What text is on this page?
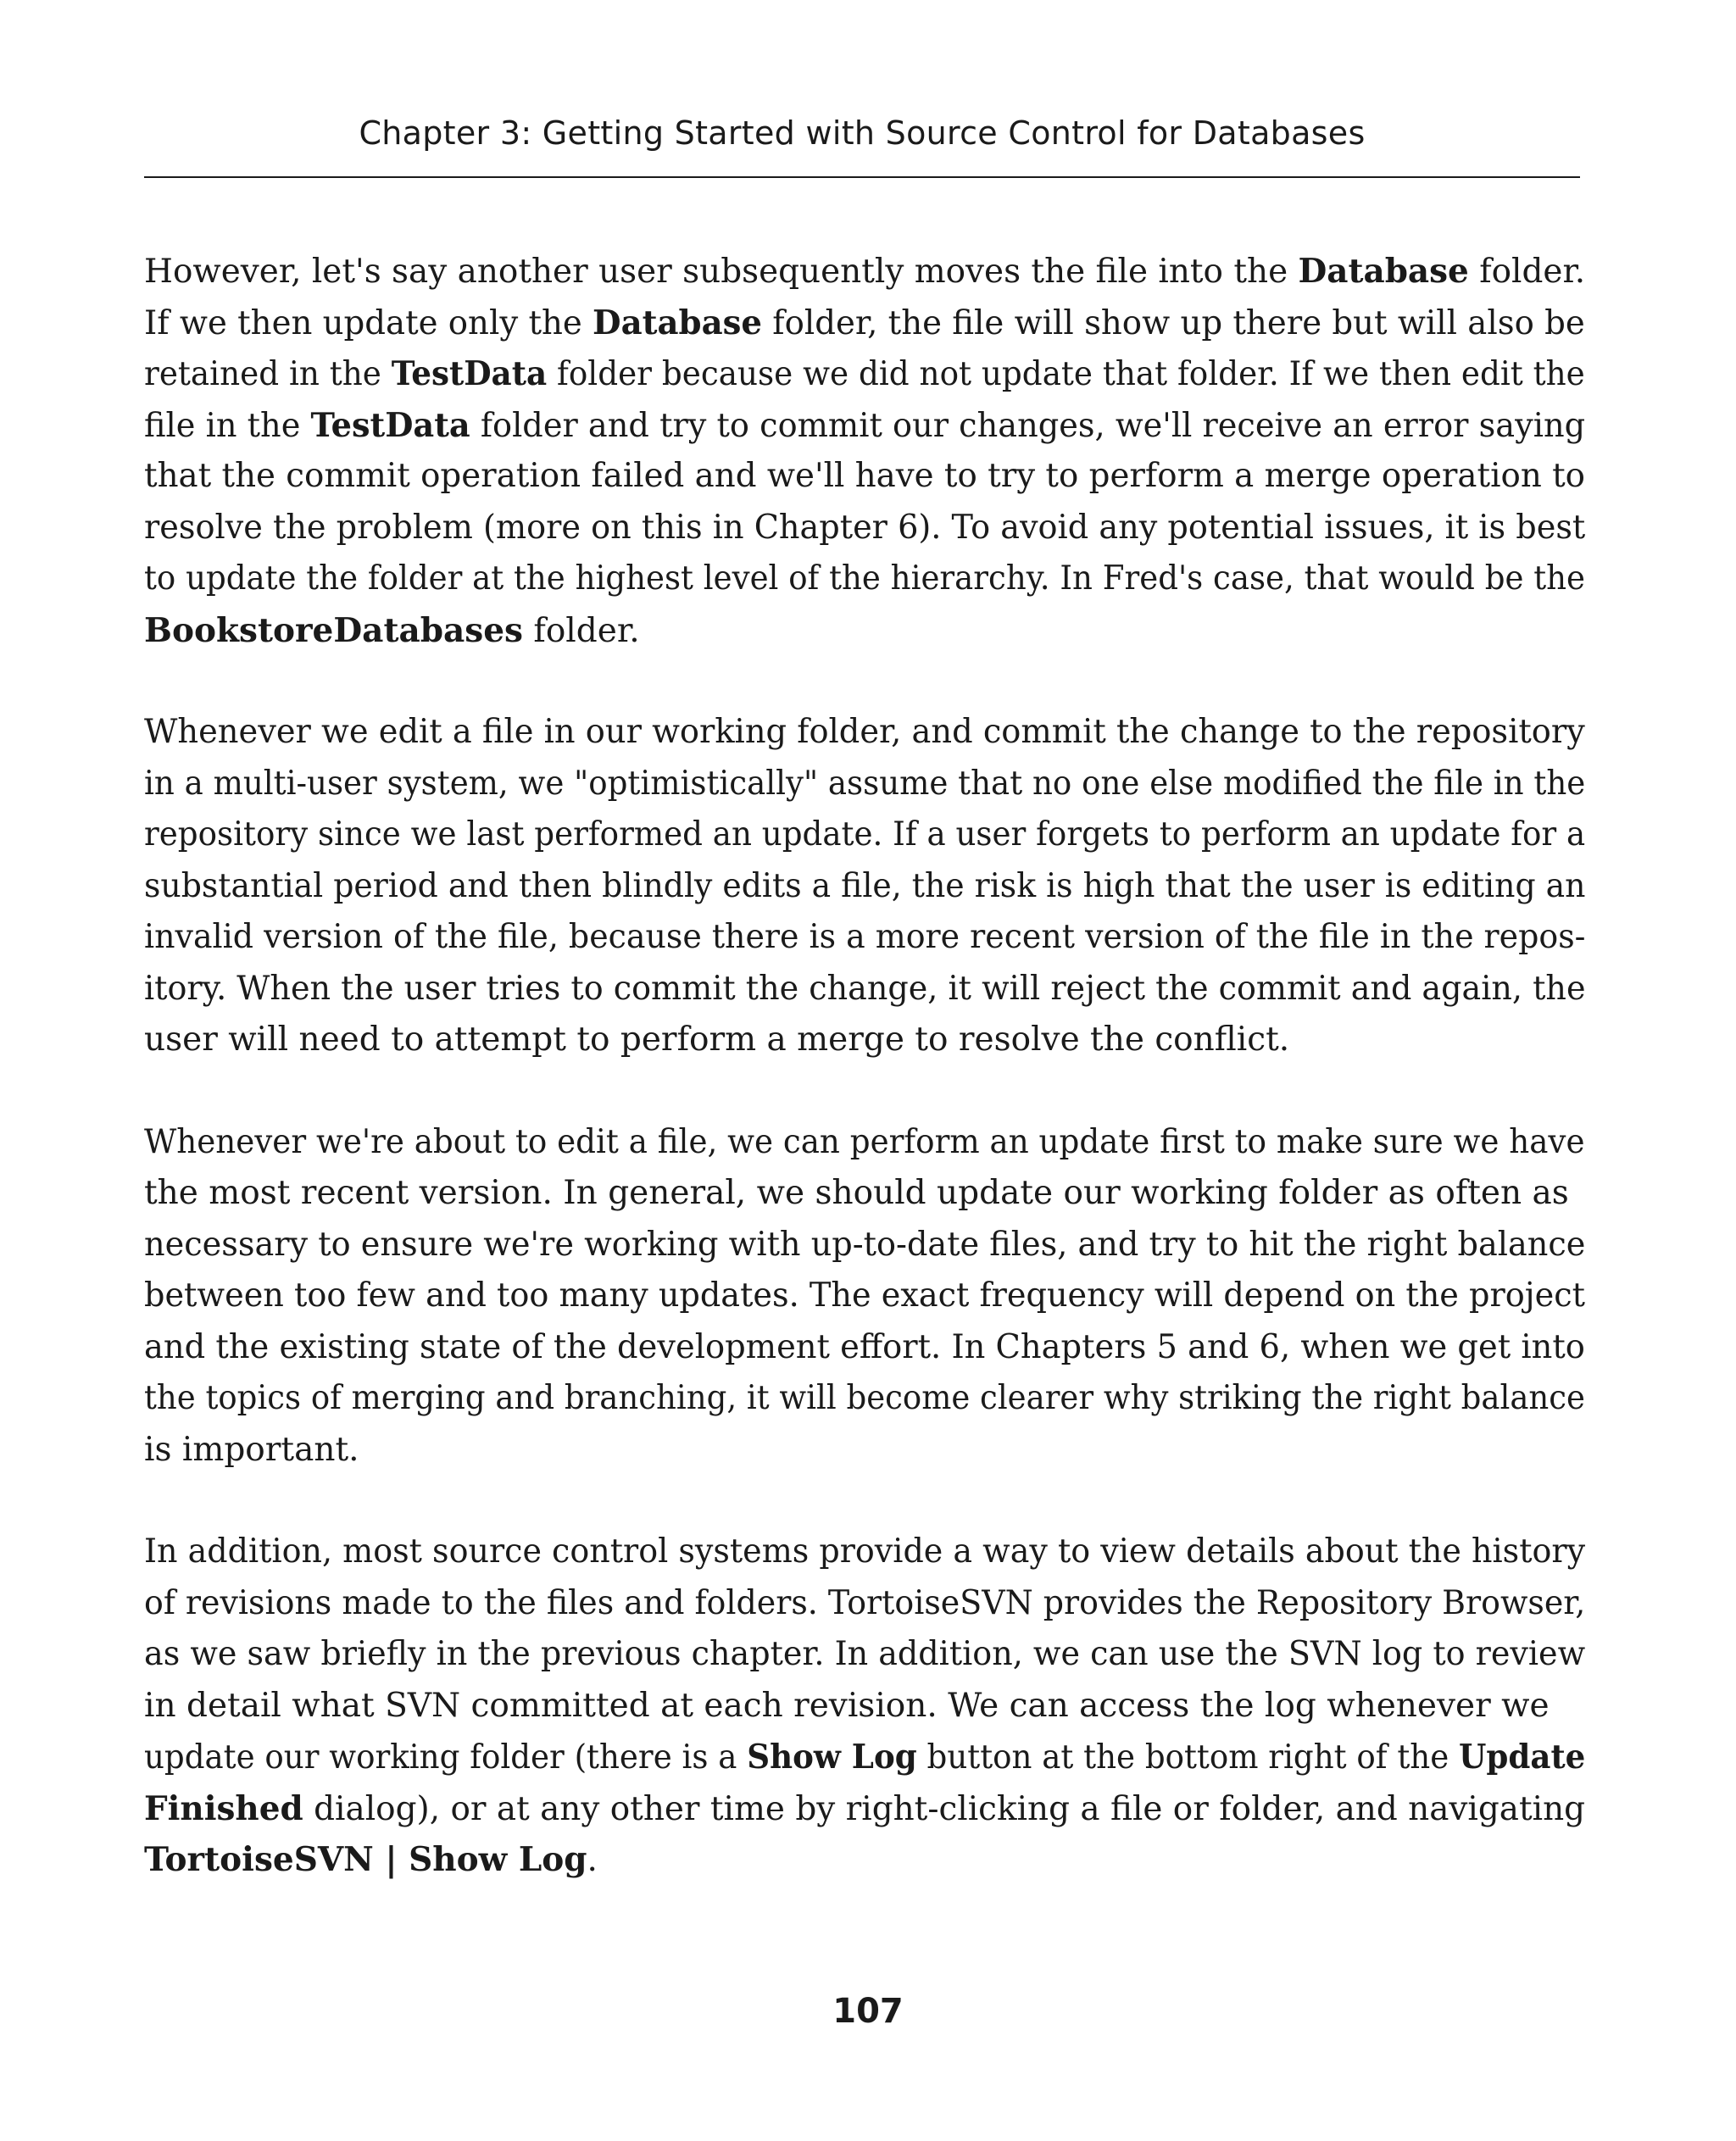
Chapter 3: Getting Started with Source Control for Databases

However, let's say another user subsequently moves the file into the Database folder.
If we then update only the Database folder, the file will show up there but will also be
retained in the TestData folder because we did not update that folder. If we then edit the
file in the TestData folder and try to commit our changes, we'll receive an error saying
that the commit operation failed and we'll have to try to perform a merge operation to
resolve the problem (more on this in Chapter 6). To avoid any potential issues, it is best
to update the folder at the highest level of the hierarchy. In Fred's case, that would be the
BookstoreDatabases folder.

Whenever we edit a file in our working folder, and commit the change to the repository
in a multi-user system, we "optimistically" assume that no one else modified the file in the
repository since we last performed an update. If a user forgets to perform an update for a
substantial period and then blindly edits a file, the risk is high that the user is editing an
invalid version of the file, because there is a more recent version of the file in the repos-
itory. When the user tries to commit the change, it will reject the commit and again, the
user will need to attempt to perform a merge to resolve the conflict.

Whenever we're about to edit a file, we can perform an update first to make sure we have
the most recent version. In general, we should update our working folder as often as
necessary to ensure we're working with up-to-date files, and try to hit the right balance
between too few and too many updates. The exact frequency will depend on the project
and the existing state of the development effort. In Chapters 5 and 6, when we get into
the topics of merging and branching, it will become clearer why striking the right balance
is important.

In addition, most source control systems provide a way to view details about the history
of revisions made to the files and folders. TortoiseSVN provides the Repository Browser,
as we saw briefly in the previous chapter. In addition, we can use the SVN log to review
in detail what SVN committed at each revision. We can access the log whenever we
update our working folder (there is a Show Log button at the bottom right of the Update
Finished dialog), or at any other time by right-clicking a file or folder, and navigating
TortoiseSVN | Show Log.

107
